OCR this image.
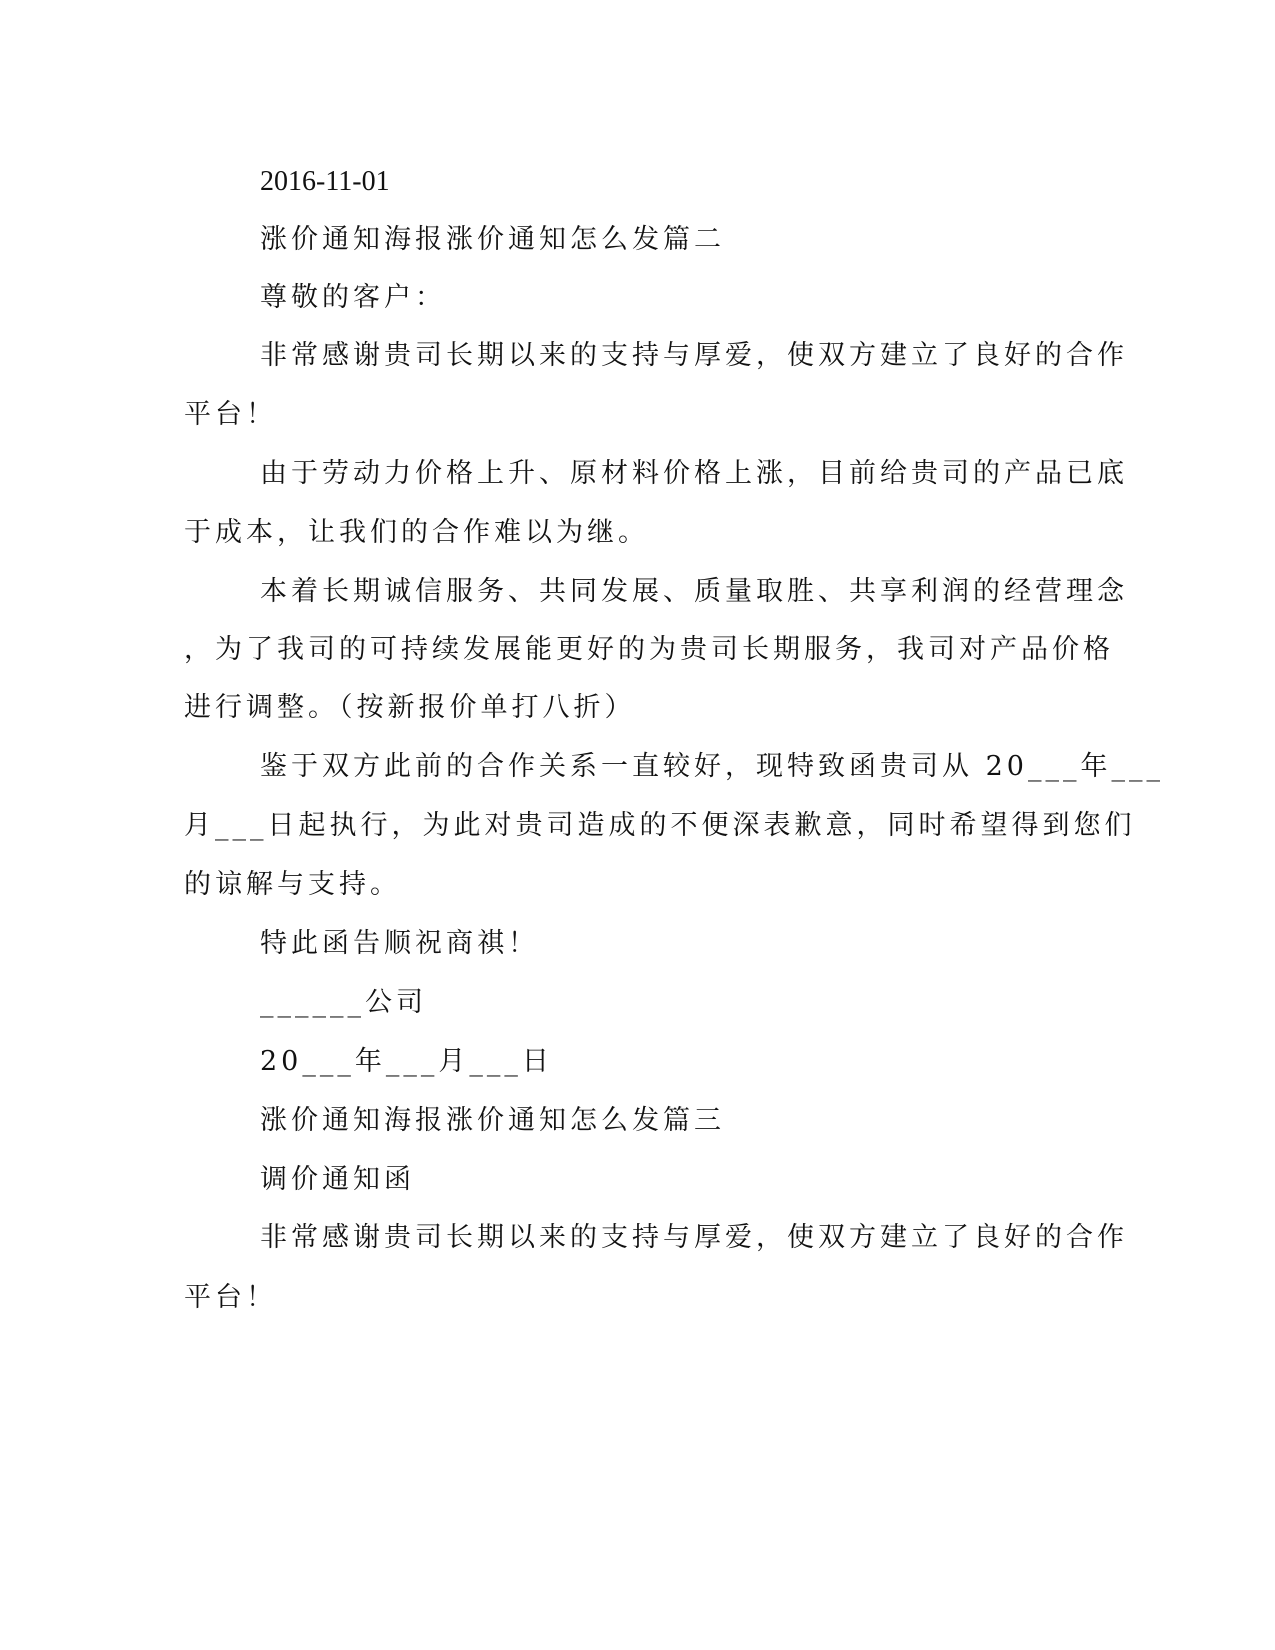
2016-11-01
涨价通知海报涨价通知怎么发篇二
尊敬的客户：
非常感谢贵司长期以来的支持与厚爱，使双方建立了良好的合作
平台！
由于劳动力价格上升、原材料价格上涨，目前给贵司的产品已底
于成本，让我们的合作难以为继。
本着长期诚信服务、共同发展、质量取胜、共享利润的经营理念
，为了我司的可持续发展能更好的为贵司长期服务，我司对产品价格
进行调整。（按新报价单打八折）
鉴于双方此前的合作关系一直较好，现特致函贵司从 20___年___
月___日起执行，为此对贵司造成的不便深表歉意，同时希望得到您们
的谅解与支持。
特此函告顺祝商祺！
______公司
20___年___月___日
涨价通知海报涨价通知怎么发篇三
调价通知函
非常感谢贵司长期以来的支持与厚爱，使双方建立了良好的合作
平台！
